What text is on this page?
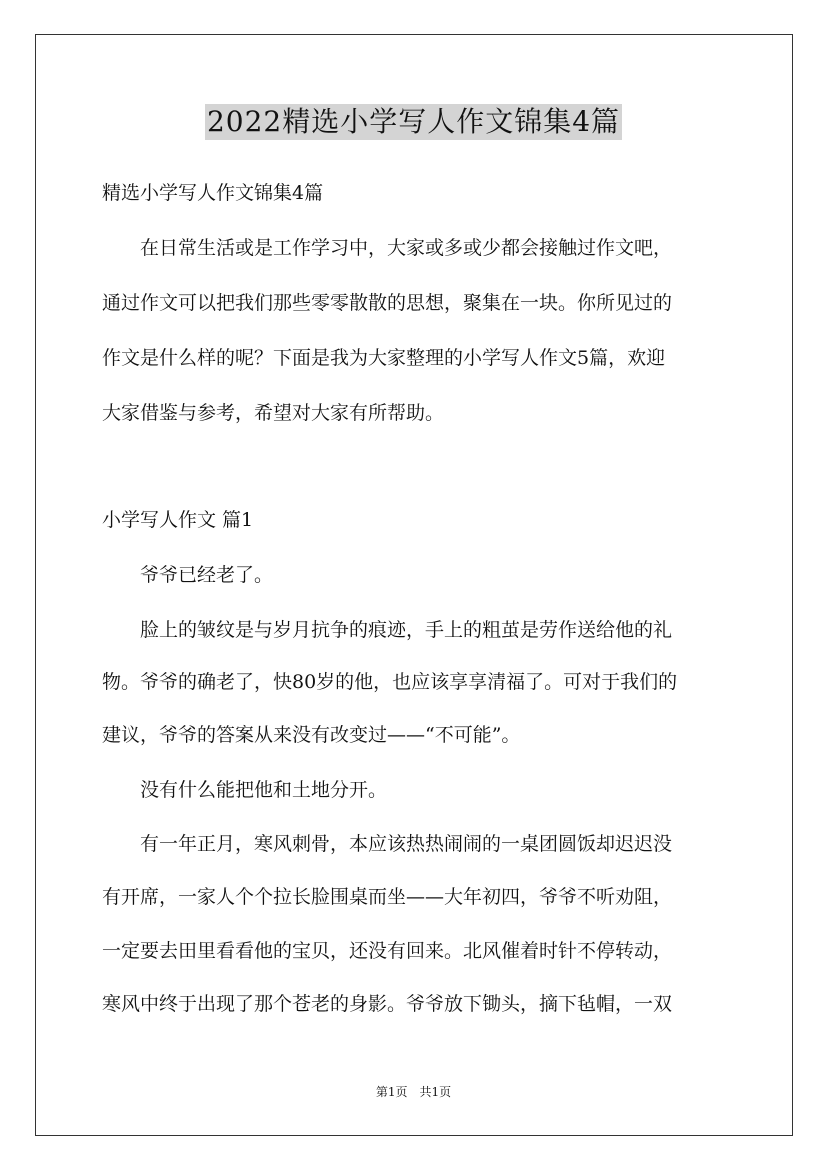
2022精选小学写人作文锦集4篇
精选小学写人作文锦集4篇
　　在日常生活或是工作学习中，大家或多或少都会接触过作文吧，
通过作文可以把我们那些零零散散的思想，聚集在一块。你所见过的
作文是什么样的呢？下面是我为大家整理的小学写人作文5篇，欢迎
大家借鉴与参考，希望对大家有所帮助。
小学写人作文 篇1
　　爷爷已经老了。
　　脸上的皱纹是与岁月抗争的痕迹，手上的粗茧是劳作送给他的礼
物。爷爷的确老了，快80岁的他，也应该享享清福了。可对于我们的
建议，爷爷的答案从来没有改变过——“不可能”。
　　没有什么能把他和土地分开。
　　有一年正月，寒风刺骨，本应该热热闹闹的一桌团圆饭却迟迟没
有开席，一家人个个拉长脸围桌而坐——大年初四，爷爷不听劝阻，
一定要去田里看看他的宝贝，还没有回来。北风催着时针不停转动，
寒风中终于出现了那个苍老的身影。爷爷放下锄头，摘下毡帽，一双
第1页　共1页
